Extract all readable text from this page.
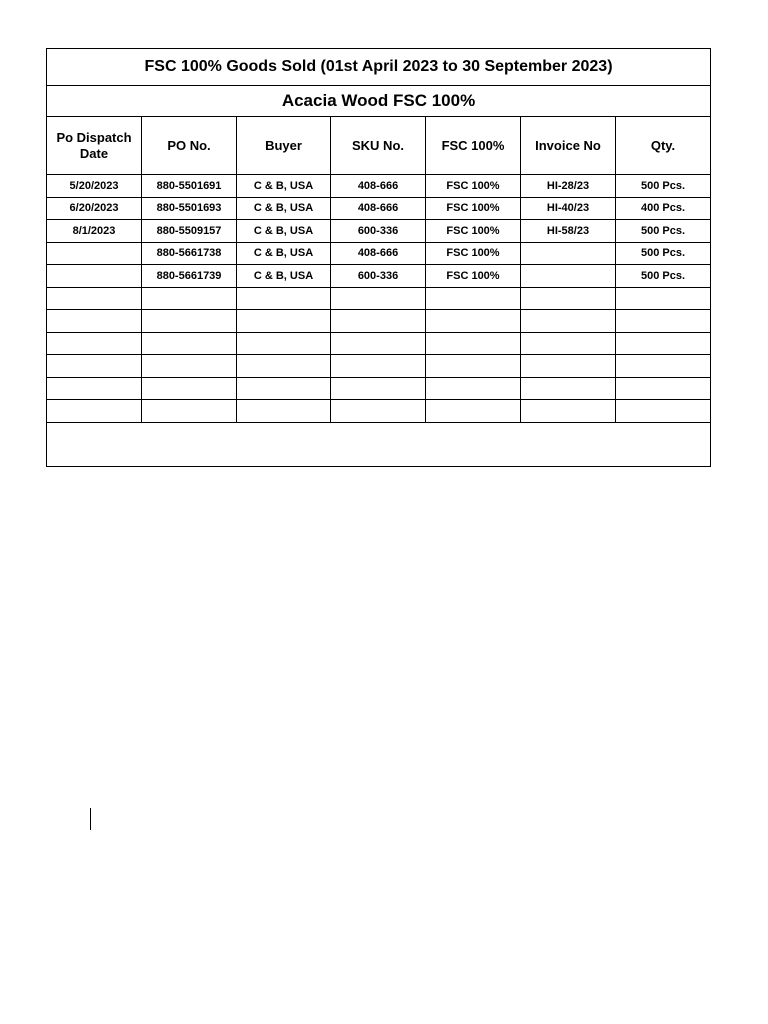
FSC 100% Goods Sold (01st April 2023 to 30 September 2023)						
Acacia Wood FSC 100%						
Po Dispatch Date	PO No.	Buyer	SKU No.	FSC 100%	Invoice No	Qty.
5/20/2023	880-5501691	C & B, USA	408-666	FSC 100%	HI-28/23	500 Pcs.
6/20/2023	880-5501693	C & B, USA	408-666	FSC 100%	HI-40/23	400 Pcs.
8/1/2023	880-5509157	C & B, USA	600-336	FSC 100%	HI-58/23	500 Pcs.
	880-5661738	C & B, USA	408-666	FSC 100%		500 Pcs.
	880-5661739	C & B, USA	600-336	FSC 100%		500 Pcs.
